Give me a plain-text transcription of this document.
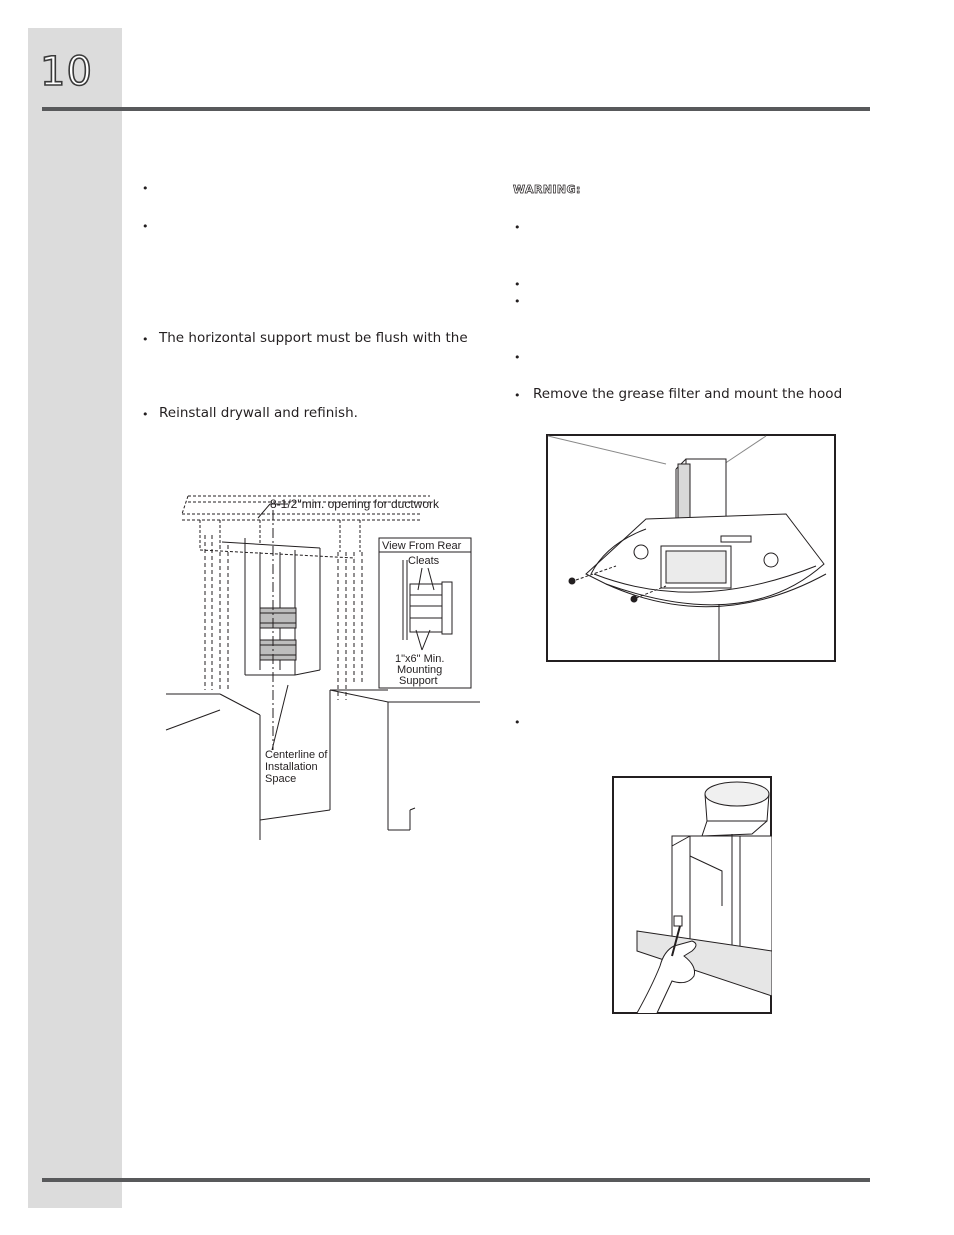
10
•
•
• The horizontal support must be flush with the
• Reinstall drywall and refinish.
WARNING:
•
•
•
•
• Remove the grease filter and mount the hood
•
8-1/2"min. opening for ductwork
Centerline of
Installation
Space
View From Rear
Cleats
1"x6" Min.
Mounting
Support
